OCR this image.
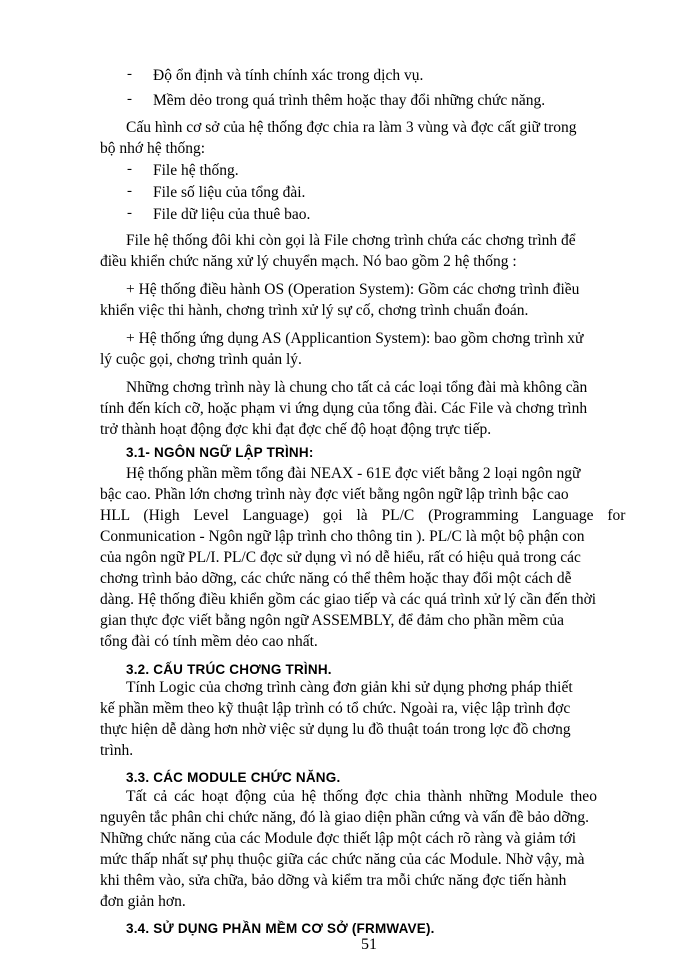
- Độ ổn định và tính chính xác trong dịch vụ.
- Mềm dẻo trong quá trình thêm hoặc thay đổi những chức năng.
Cấu hình cơ sở của hệ thống đợc chia ra làm 3 vùng và đợc cất giữ trong
bộ nhớ hệ thống:
- File hệ thống.
- File số liệu của tổng đài.
- File dữ liệu của thuê bao.
File hệ thống đôi khi còn gọi là File chơng trình chứa các chơng trình để
điều khiển chức năng xử lý chuyển mạch. Nó bao gồm 2 hệ thống :
+ Hệ thống điều hành OS (Operation System): Gồm các chơng trình điều
khiển việc thi hành, chơng trình xử lý sự cố, chơng trình chuẩn đoán.
+ Hệ thống ứng dụng AS (Applicantion System): bao gồm chơng trình xử
lý cuộc gọi, chơng trình quản lý.
Những chơng trình này là chung cho tất cả các loại tổng đài mà không cần
tính đến kích cỡ, hoặc phạm vi ứng dụng của tổng đài. Các File và chơng trình
trở thành hoạt động đợc khi đạt đợc chế độ hoạt động trực tiếp.
3.1- NGÔN NGỮ LẬP TRÌNH:
Hệ thống phần mềm tổng đài NEAX - 61E đợc viết bằng 2 loại ngôn ngữ
bậc cao. Phần lớn chơng trình này đợc viết bằng ngôn ngữ lập trình bậc cao
HLL (High Level Language) gọi là PL/C (Programming Language for
Conmunication - Ngôn ngữ lập trình cho thông tin ). PL/C là một bộ phận con
của ngôn ngữ PL/I. PL/C đợc sử dụng vì nó dễ hiểu, rất có hiệu quả trong các
chơng trình bảo dỡng, các chức năng có thể thêm hoặc thay đổi một cách dễ
dàng. Hệ thống điều khiển gồm các giao tiếp và các quá trình xử lý cần đến thời
gian thực đợc viết bằng ngôn ngữ ASSEMBLY, để đảm cho phần mềm của
tổng đài có tính mềm dẻo cao nhất.
3.2. CẤU TRÚC CHƠNG TRÌNH.
Tính Logic của chơng trình càng đơn giản khi sử dụng phơng pháp thiết
kế phần mềm theo kỹ thuật lập trình có tổ chức. Ngoài ra, việc lập trình đợc
thực hiện dễ dàng hơn nhờ việc sử dụng lu đồ thuật toán trong lợc đồ chơng
trình.
3.3. CÁC MODULE CHỨC NĂNG.
Tất cả các hoạt động của hệ thống đợc chia thành những Module theo
nguyên tắc phân chi chức năng, đó là giao diện phần cứng và vấn đề bảo dỡng.
Những chức năng của các Module đợc thiết lập một cách rõ ràng và giảm tới
mức thấp nhất sự phụ thuộc giữa các chức năng của các Module. Nhờ vậy, mà
khi thêm vào, sửa chữa, bảo dỡng và kiểm tra mỗi chức năng đợc tiến hành
đơn giản hơn.
3.4. SỬ DỤNG PHẦN MỀM CƠ SỞ (FRMWAVE).
51
